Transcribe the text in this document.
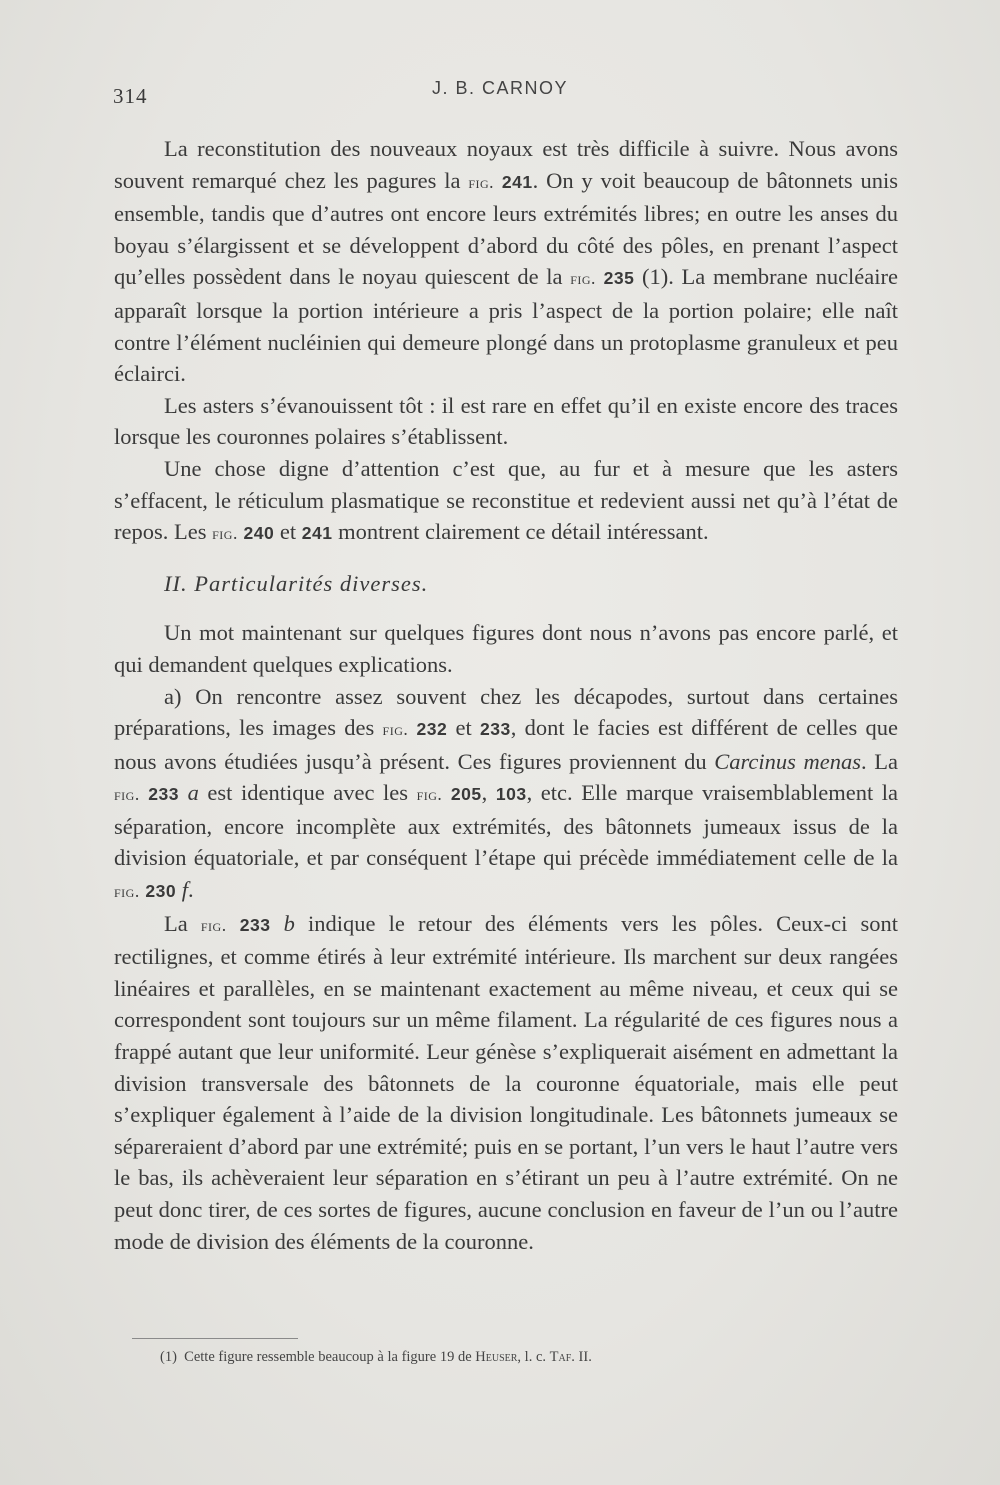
314	J. B. CARNOY

La reconstitution des nouveaux noyaux est très difficile à suivre. Nous avons souvent remarqué chez les pagures la fig. 241. On y voit beaucoup de bâtonnets unis ensemble, tandis que d’autres ont encore leurs extrémités libres; en outre les anses du boyau s’élargissent et se développent d’abord du côté des pôles, en prenant l’aspect qu’elles possèdent dans le noyau quiescent de la fig. 235 (1). La membrane nucléaire apparaît lorsque la portion intérieure a pris l’aspect de la portion polaire; elle naît contre l’élément nucléinien qui demeure plongé dans un protoplasme granuleux et peu éclairci.

Les asters s’évanouissent tôt : il est rare en effet qu’il en existe encore des traces lorsque les couronnes polaires s’établissent.

Une chose digne d’attention c’est que, au fur et à mesure que les asters s’effacent, le réticulum plasmatique se reconstitue et redevient aussi net qu’à l’état de repos. Les fig. 240 et 241 montrent clairement ce détail intéressant.

II. Particularités diverses.

Un mot maintenant sur quelques figures dont nous n’avons pas encore parlé, et qui demandent quelques explications.

a) On rencontre assez souvent chez les décapodes, surtout dans certaines préparations, les images des fig. 232 et 233, dont le facies est différent de celles que nous avons étudiées jusqu’à présent. Ces figures proviennent du Carcinus menas. La fig. 233 a est identique avec les fig. 205, 103, etc. Elle marque vraisemblablement la séparation, encore incomplète aux extrémités, des bâtonnets jumeaux issus de la division équatoriale, et par conséquent l’étape qui précède immédiatement celle de la fig. 230 f.

La fig. 233 b indique le retour des éléments vers les pôles. Ceux-ci sont rectilignes, et comme étirés à leur extrémité intérieure. Ils marchent sur deux rangées linéaires et parallèles, en se maintenant exactement au même niveau, et ceux qui se correspondent sont toujours sur un même filament. La régularité de ces figures nous a frappé autant que leur uniformité. Leur génèse s’expliquerait aisément en admettant la division transversale des bâtonnets de la couronne équatoriale, mais elle peut s’expliquer également à l’aide de la division longitudinale. Les bâtonnets jumeaux se sépareraient d’abord par une extrémité; puis en se portant, l’un vers le haut l’autre vers le bas, ils achèveraient leur séparation en s’étirant un peu à l’autre extrémité. On ne peut donc tirer, de ces sortes de figures, aucune conclusion en faveur de l’un ou l’autre mode de division des éléments de la couronne.

(1) Cette figure ressemble beaucoup à la figure 19 de Heuser, l. c. Taf. II.
